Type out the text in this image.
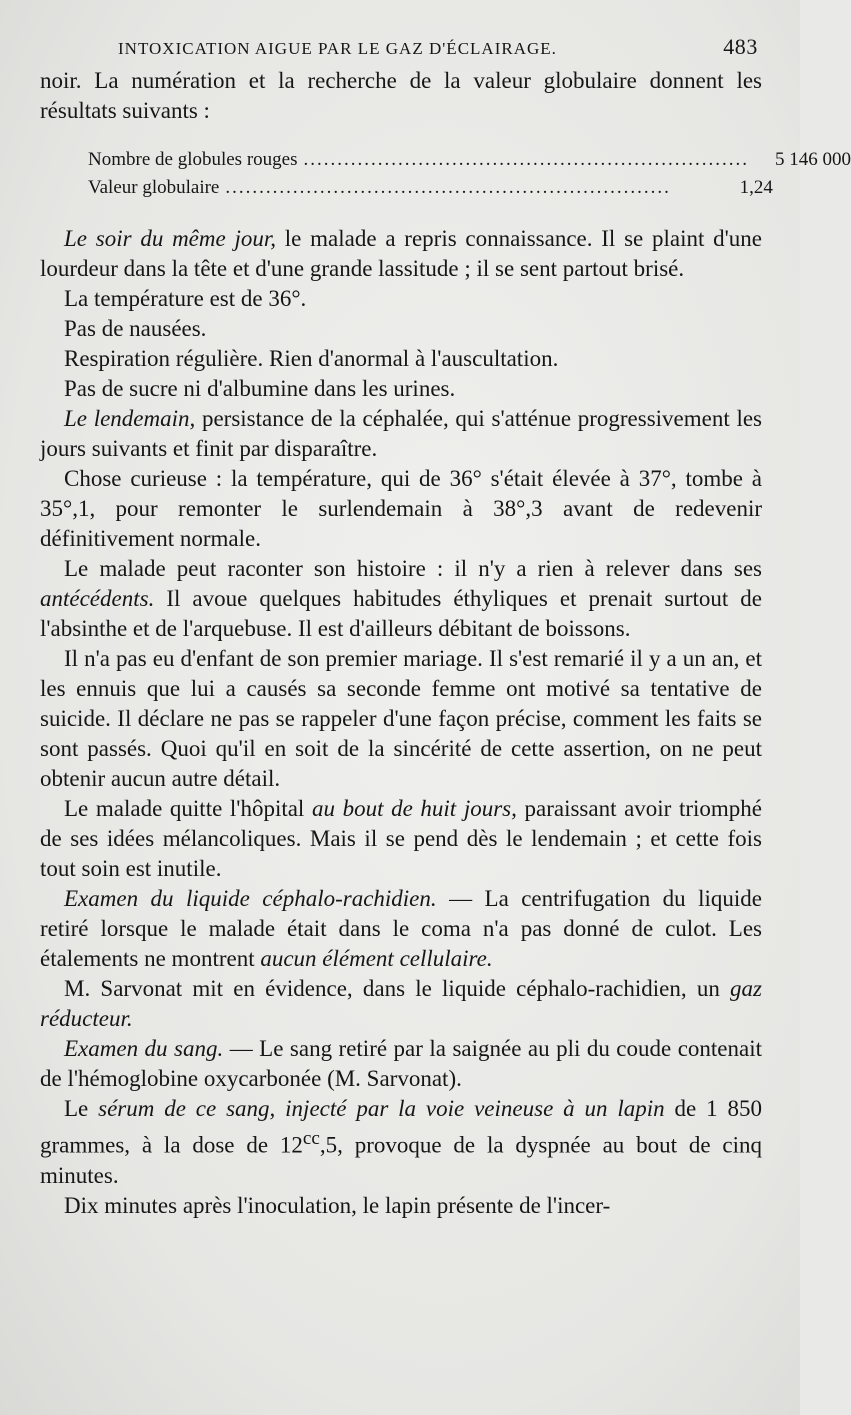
INTOXICATION AIGUE PAR LE GAZ D'ÉCLAIRAGE.	483

noir. La numération et la recherche de la valeur globulaire donnent les résultats suivants :

Nombre de globules rouges ..................................................................	5 146 000
Valeur globulaire ..................................................................	1,24

Le soir du même jour, le malade a repris connaissance. Il se plaint d'une lourdeur dans la tête et d'une grande lassitude ; il se sent partout brisé.

La température est de 36°.

Pas de nausées.

Respiration régulière. Rien d'anormal à l'auscultation.

Pas de sucre ni d'albumine dans les urines.

Le lendemain, persistance de la céphalée, qui s'atténue progressivement les jours suivants et finit par disparaître.

Chose curieuse : la température, qui de 36° s'était élevée à 37°, tombe à 35°,1, pour remonter le surlendemain à 38°,3 avant de redevenir définitivement normale.

Le malade peut raconter son histoire : il n'y a rien à relever dans ses antécédents. Il avoue quelques habitudes éthyliques et prenait surtout de l'absinthe et de l'arquebuse. Il est d'ailleurs débitant de boissons.

Il n'a pas eu d'enfant de son premier mariage. Il s'est remarié il y a un an, et les ennuis que lui a causés sa seconde femme ont motivé sa tentative de suicide. Il déclare ne pas se rappeler d'une façon précise, comment les faits se sont passés. Quoi qu'il en soit de la sincérité de cette assertion, on ne peut obtenir aucun autre détail.

Le malade quitte l'hôpital au bout de huit jours, paraissant avoir triomphé de ses idées mélancoliques. Mais il se pend dès le lendemain ; et cette fois tout soin est inutile.

Examen du liquide céphalo-rachidien. — La centrifugation du liquide retiré lorsque le malade était dans le coma n'a pas donné de culot. Les étalements ne montrent aucun élément cellulaire.

M. Sarvonat mit en évidence, dans le liquide céphalo-rachidien, un gaz réducteur.

Examen du sang. — Le sang retiré par la saignée au pli du coude contenait de l'hémoglobine oxycarbonée (M. Sarvonat).

Le sérum de ce sang, injecté par la voie veineuse à un lapin de 1 850 grammes, à la dose de $12^{cc},5$, provoque de la dyspnée au bout de cinq minutes.

Dix minutes après l'inoculation, le lapin présente de l'incer-
